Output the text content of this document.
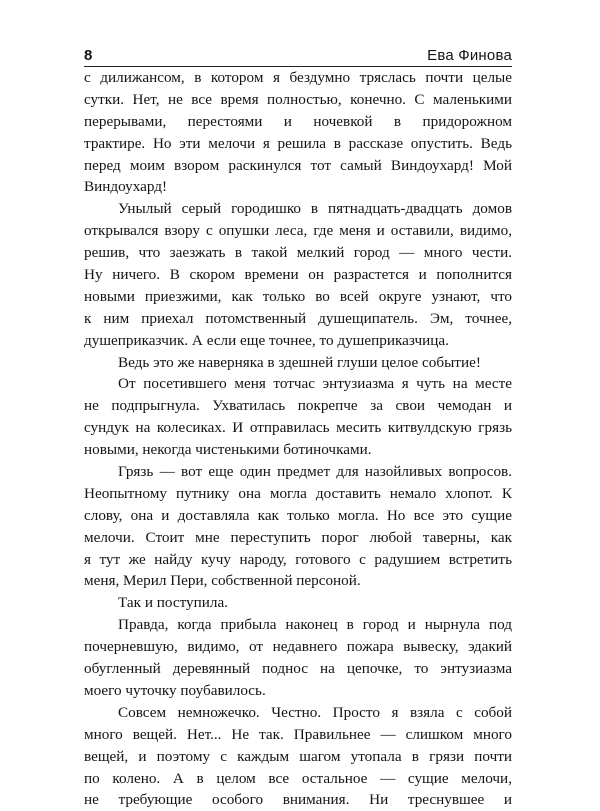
8	Ева Финова
с дилижансом, в котором я бездумно тряслась почти целые
сутки. Нет, не все время полностью, конечно. С маленькими
перерывами, перестоями и ночевкой в придорожном
трактире. Но эти мелочи я решила в рассказе опустить. Ведь
перед моим взором раскинулся тот самый Виндоухард! Мой
Виндоухард!
Унылый серый городишко в пятнадцать-двадцать домов
открывался взору с опушки леса, где меня и оставили, видимо,
решив, что заезжать в такой мелкий город — много чести.
Ну ничего. В скором времени он разрастется и пополнится
новыми приезжими, как только во всей округе узнают, что
к ним приехал потомственный душещипатель. Эм, точнее,
душеприказчик. А если еще точнее, то душеприказчица.
Ведь это же наверняка в здешней глуши целое событие!
От посетившего меня тотчас энтузиазма я чуть на месте
не подпрыгнула. Ухватилась покрепче за свои чемодан и
сундук на колесиках. И отправилась месить китвулдскую грязь
новыми, некогда чистенькими ботиночками.
Грязь — вот еще один предмет для назойливых вопросов.
Неопытному путнику она могла доставить немало хлопот. К
слову, она и доставляла как только могла. Но все это сущие
мелочи. Стоит мне переступить порог любой таверны, как
я тут же найду кучу народу, готового с радушием встретить
меня, Мерил Пери, собственной персоной.
Так и поступила.
Правда, когда прибыла наконец в город и нырнула под
почерневшую, видимо, от недавнего пожара вывеску, эдакий
обугленный деревянный поднос на цепочке, то энтузиазма
моего чуточку поубавилось.
Совсем немножечко. Честно. Просто я взяла с собой
много вещей. Нет... Не так. Правильнее — слишком много
вещей, и поэтому с каждым шагом утопала в грязи почти
по колено. А в целом все остальное — сущие мелочи,
не требующие особого внимания. Ни треснувшее и
